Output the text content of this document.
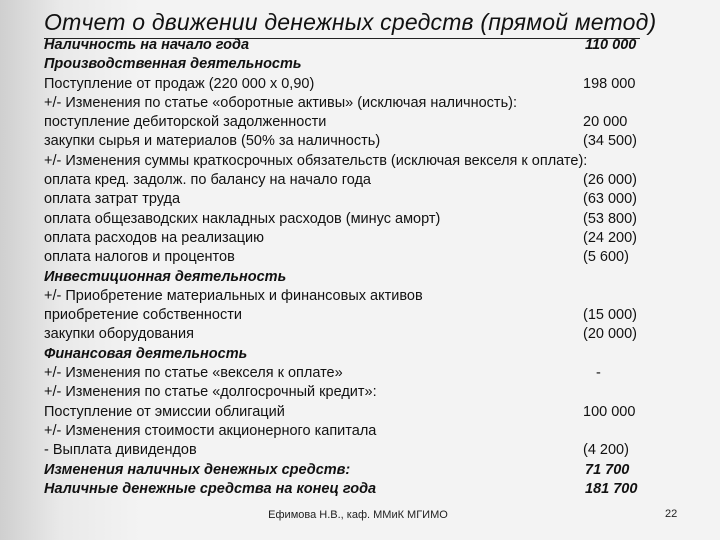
Отчет о движении денежных средств (прямой метод)
Наличность на начало года	110 000
Производственная деятельность
Поступление от продаж (220 000 х 0,90)	198 000
+/- Изменения по статье «оборотные активы» (исключая наличность):
поступление дебиторской задолженности	20 000
закупки сырья и материалов (50% за наличность)	(34 500)
+/- Изменения суммы краткосрочных обязательств (исключая векселя к оплате):
оплата кред. задолж. по балансу на начало года	(26 000)
оплата затрат труда	(63 000)
оплата общезаводских накладных расходов (минус аморт)	(53 800)
оплата расходов на реализацию	(24 200)
оплата налогов и процентов	(5 600)
Инвестиционная деятельность
+/- Приобретение материальных и финансовых активов
приобретение собственности	(15 000)
закупки оборудования	(20 000)
Финансовая деятельность
+/- Изменения по статье «векселя к оплате»	-
+/- Изменения по статье «долгосрочный кредит»:
Поступление от эмиссии облигаций	100 000
+/- Изменения стоимости акционерного капитала
- Выплата дивидендов	(4 200)
Изменения наличных денежных средств:	71 700
Наличные денежные средства на конец года	181 700
Ефимова Н.В., каф. ММиК МГИМО	22
